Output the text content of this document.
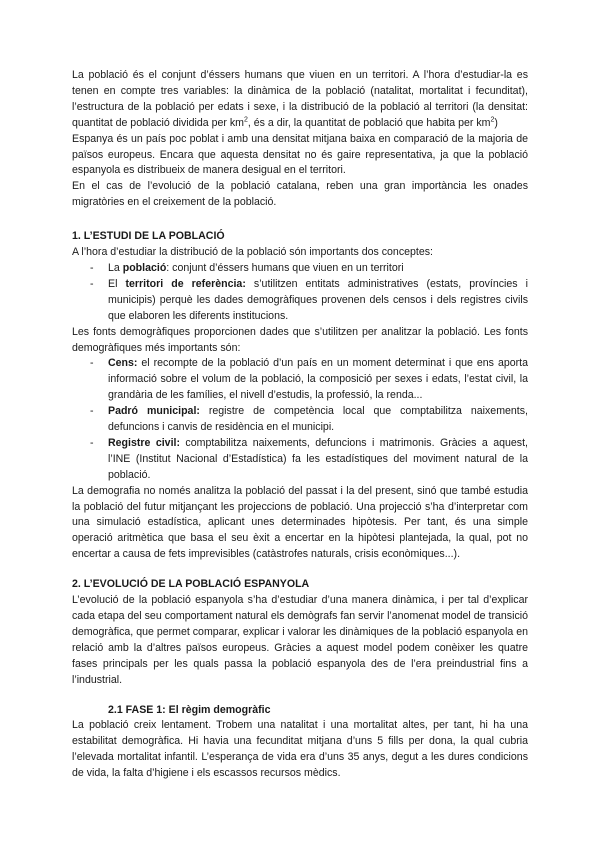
La població és el conjunt d’éssers humans que viuen en un territori. A l’hora d’estudiar-la es tenen en compte tres variables: la dinàmica de la població (natalitat, mortalitat i fecunditat), l’estructura de la població per edats i sexe, i la distribució de la població al territori (la densitat: quantitat de població dividida per $km^2$, és a dir, la quantitat de població que habita per $km^2$)

Espanya és un país poc poblat i amb una densitat mitjana baixa en comparació de la majoria de països europeus. Encara que aquesta densitat no és gaire representativa, ja que la població espanyola es distribueix de manera desigual en el territori.

En el cas de l’evolució de la població catalana, reben una gran importància les onades migratòries en el creixement de la població.

1. L’ESTUDI DE LA POBLACIÓ

A l’hora d’estudiar la distribució de la població són importants dos conceptes:

- La població: conjunt d’éssers humans que viuen en un territori
- El territori de referència: s’utilitzen entitats administratives (estats, províncies i municipis) perquè les dades demogràfiques provenen dels censos i dels registres civils que elaboren les diferents institucions.

Les fonts demogràfiques proporcionen dades que s’utilitzen per analitzar la població. Les fonts demogràfiques més importants són:

- Cens: el recompte de la població d’un país en un moment determinat i que ens aporta informació sobre el volum de la població, la composició per sexes i edats, l’estat civil, la grandària de les famílies, el nivell d’estudis, la professió, la renda...
- Padró municipal: registre de competència local que comptabilitza naixements, defuncions i canvis de residència en el municipi.
- Registre civil: comptabilitza naixements, defuncions i matrimonis. Gràcies a aquest, l’INE (Institut Nacional d’Estadística) fa les estadístiques del moviment natural de la població.

La demografia no només analitza la població del passat i la del present, sinó que també estudia la població del futur mitjançant les projeccions de població. Una projecció s’ha d’interpretar com una simulació estadística, aplicant unes determinades hipòtesis. Per tant, és una simple operació aritmètica que basa el seu èxit a encertar en la hipòtesi plantejada, la qual, pot no encertar a causa de fets imprevisibles (catàstrofes naturals, crisis econòmiques...).

2. L’EVOLUCIÓ DE LA POBLACIÓ ESPANYOLA

L’evolució de la població espanyola s’ha d’estudiar d’una manera dinàmica, i per tal d’explicar cada etapa del seu comportament natural els demògrafs fan servir l’anomenat model de transició demogràfica, que permet comparar, explicar i valorar les dinàmiques de la població espanyola en relació amb la d’altres països europeus. Gràcies a aquest model podem conèixer les quatre fases principals per les quals passa la població espanyola des de l’era preindustrial fins a l’industrial.

2.1 FASE 1: El règim demogràfic

La població creix lentament. Trobem una natalitat i una mortalitat altes, per tant, hi ha una estabilitat demogràfica. Hi havia una fecunditat mitjana d’uns 5 fills per dona, la qual cubria l’elevada mortalitat infantil. L’esperança de vida era d’uns 35 anys, degut a les dures condicions de vida, la falta d’higiene i els escassos recursos mèdics.
